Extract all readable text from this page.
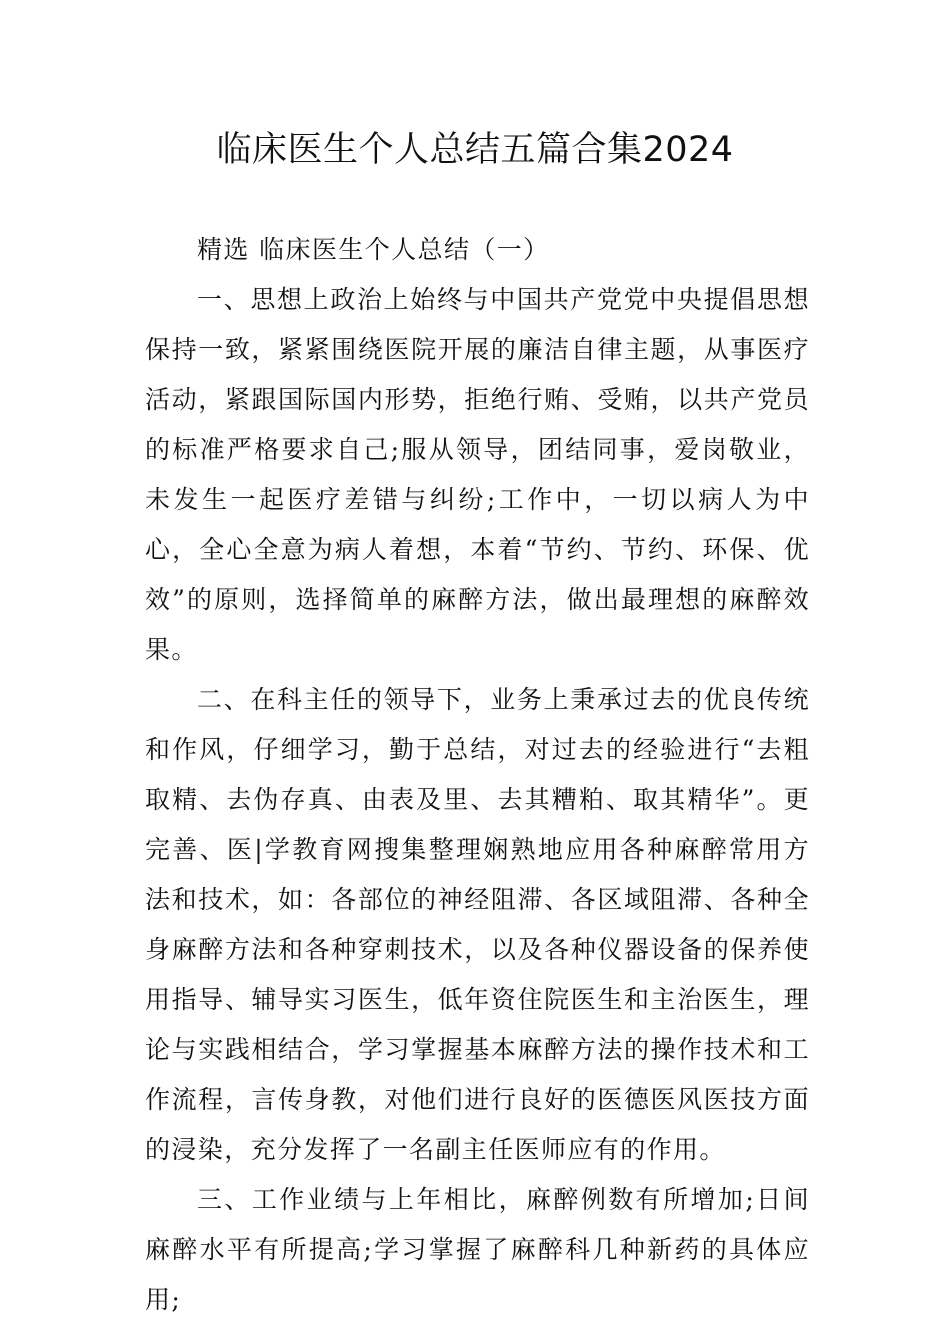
临床医生个人总结五篇合集2024

精选 临床医生个人总结（一）

一、思想上政治上始终与中国共产党党中央提倡思想保持一致，紧紧围绕医院开展的廉洁自律主题，从事医疗活动，紧跟国际国内形势，拒绝行贿、受贿，以共产党员的标准严格要求自己;服从领导，团结同事，爱岗敬业，未发生一起医疗差错与纠纷;工作中，一切以病人为中心，全心全意为病人着想，本着“节约、节约、环保、优效”的原则，选择简单的麻醉方法，做出最理想的麻醉效果。

二、在科主任的领导下，业务上秉承过去的优良传统和作风，仔细学习，勤于总结，对过去的经验进行“去粗取精、去伪存真、由表及里、去其糟粕、取其精华”。更完善、医|学教育网搜集整理娴熟地应用各种麻醉常用方法和技术，如：各部位的神经阻滞、各区域阻滞、各种全身麻醉方法和各种穿刺技术，以及各种仪器设备的保养使用指导、辅导实习医生，低年资住院医生和主治医生，理论与实践相结合，学习掌握基本麻醉方法的操作技术和工作流程，言传身教，对他们进行良好的医德医风医技方面的浸染，充分发挥了一名副主任医师应有的作用。

三、工作业绩与上年相比，麻醉例数有所增加;日间麻醉水平有所提高;学习掌握了麻醉科几种新药的具体应用;
